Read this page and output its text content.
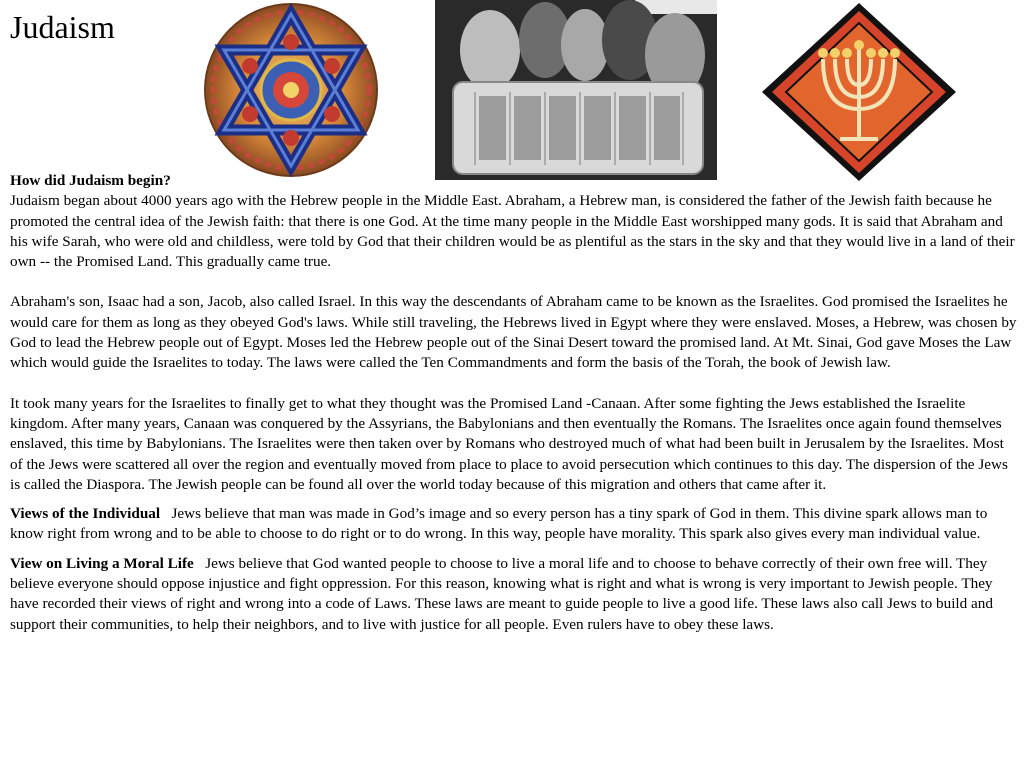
Judaism

How did Judaism begin?
Judaism began about 4000 years ago with the Hebrew people in the Middle East. Abraham, a Hebrew man, is considered the father of the Jewish faith because he promoted the central idea of the Jewish faith: that there is one God. At the time many people in the Middle East worshipped many gods. It is said that Abraham and his wife Sarah, who were old and childless, were told by God that their children would be as plentiful as the stars in the sky and that they would live in a land of their own -- the Promised Land. This gradually came true.

Abraham's son, Isaac had a son, Jacob, also called Israel. In this way the descendants of Abraham came to be known as the Israelites. God promised the Israelites he would care for them as long as they obeyed God's laws. While still traveling, the Hebrews lived in Egypt where they were enslaved. Moses, a Hebrew, was chosen by God to lead the Hebrew people out of Egypt. Moses led the Hebrew people out of the Sinai Desert toward the promised land. At Mt. Sinai, God gave Moses the Law which would guide the Israelites to today. The laws were called the Ten Commandments and form the basis of the Torah, the book of Jewish law.

It took many years for the Israelites to finally get to what they thought was the Promised Land -Canaan. After some fighting the Jews established the Israelite kingdom. After many years, Canaan was conquered by the Assyrians, the Babylonians and then eventually the Romans. The Israelites once again found themselves enslaved, this time by Babylonians. The Israelites were then taken over by Romans who destroyed much of what had been built in Jerusalem by the Israelites. Most of the Jews were scattered all over the region and eventually moved from place to place to avoid persecution which continues to this day. The dispersion of the Jews is called the Diaspora. The Jewish people can be found all over the world today because of this migration and others that came after it.

Views of the Individual Jews believe that man was made in God’s image and so every person has a tiny spark of God in them. This divine spark allows man to know right from wrong and to be able to choose to do right or to do wrong. In this way, people have morality. This spark also gives every man individual value.

View on Living a Moral Life Jews believe that God wanted people to choose to live a moral life and to choose to behave correctly of their own free will. They believe everyone should oppose injustice and fight oppression. For this reason, knowing what is right and what is wrong is very important to Jewish people. They have recorded their views of right and wrong into a code of Laws. These laws are meant to guide people to live a good life. These laws also call Jews to build and support their communities, to help their neighbors, and to live with justice for all people. Even rulers have to obey these laws.
